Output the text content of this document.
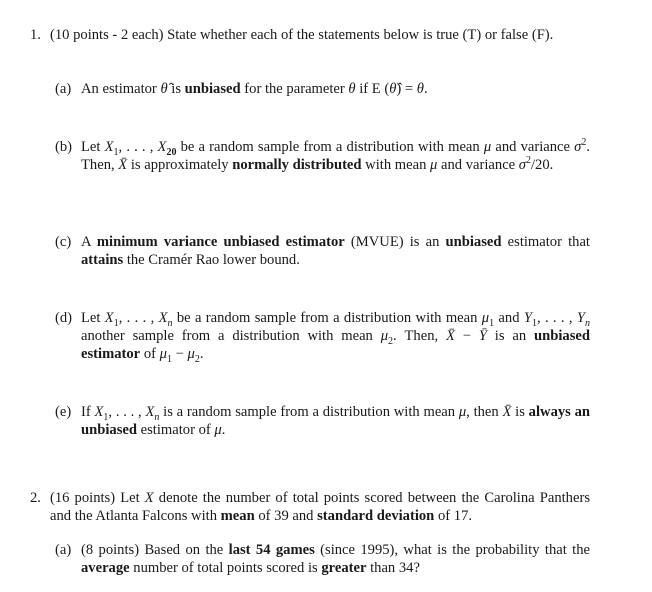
1. (10 points - 2 each) State whether each of the statements below is true (T) or false (F).
(a) An estimator θ̂ is unbiased for the parameter θ if E (θ̂) = θ.
(b) Let $X_1$, . . . , $X_{20}$ be a random sample from a distribution with mean μ and variance $\sigma^2$. Then, X̄ is approximately normally distributed with mean μ and variance $\sigma^2/20$.
(c) A minimum variance unbiased estimator (MVUE) is an unbiased estimator that attains the Cramér Rao lower bound.
(d) Let $X_1$, . . . , $X_n$ be a random sample from a distribution with mean $\mu_1$ and $Y_1$, . . . , $Y_n$ another sample from a distribution with mean $\mu_2$. Then, X̄ − Ȳ is an unbiased estimator of $\mu_1 - \mu_2$.
(e) If $X_1$, . . . , $X_n$ is a random sample from a distribution with mean μ, then X̄ is always an unbiased estimator of μ.
2. (16 points) Let X denote the number of total points scored between the Carolina Panthers and the Atlanta Falcons with mean of 39 and standard deviation of 17.
(a) (8 points) Based on the last 54 games (since 1995), what is the probability that the average number of total points scored is greater than 34?
